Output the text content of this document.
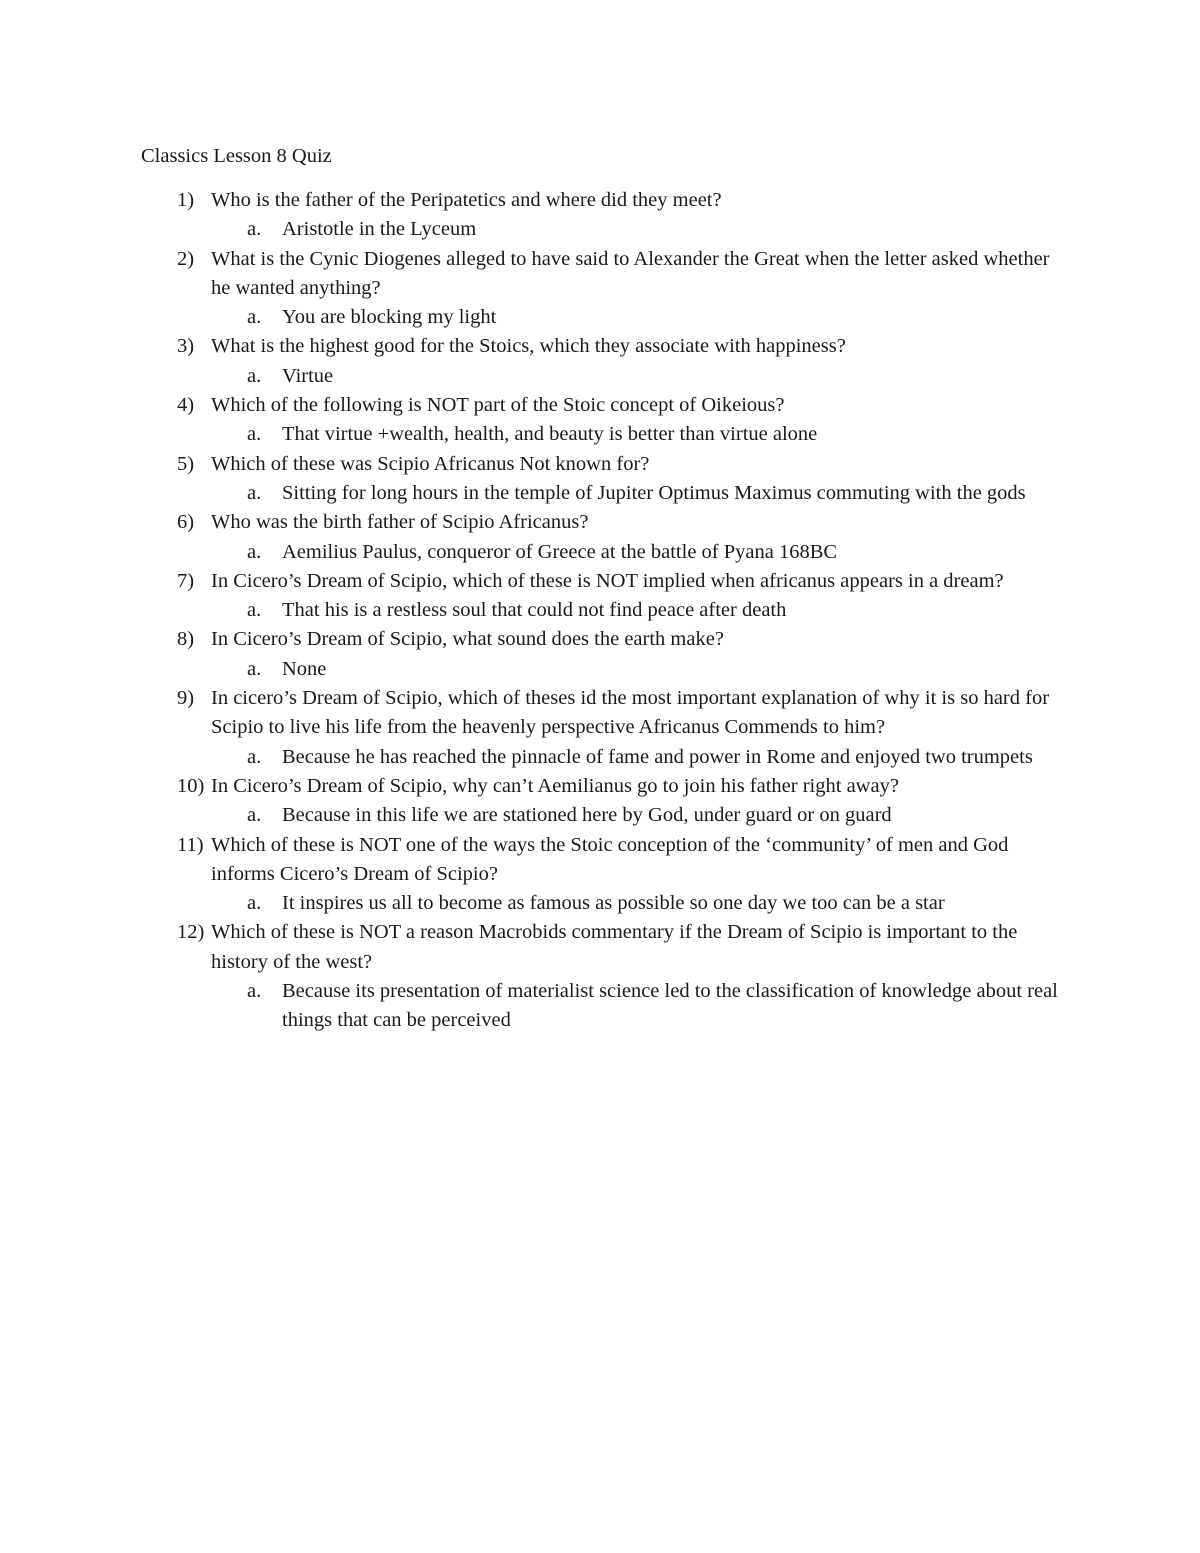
Classics Lesson 8 Quiz
1) Who is the father of the Peripatetics and where did they meet?
a. Aristotle in the Lyceum
2) What is the Cynic Diogenes alleged to have said to Alexander the Great when the letter asked whether he wanted anything?
a. You are blocking my light
3) What is the highest good for the Stoics, which they associate with happiness?
a. Virtue
4) Which of the following is NOT part of the Stoic concept of Oikeious?
a. That virtue +wealth, health, and beauty is better than virtue alone
5) Which of these was Scipio Africanus Not known for?
a. Sitting for long hours in the temple of Jupiter Optimus Maximus commuting with the gods
6) Who was the birth father of Scipio Africanus?
a. Aemilius Paulus, conqueror of Greece at the battle of Pyana 168BC
7) In Cicero’s Dream of Scipio, which of these is NOT implied when africanus appears in a dream?
a. That his is a restless soul that could not find peace after death
8) In Cicero’s Dream of Scipio, what sound does the earth make?
a. None
9) In cicero’s Dream of Scipio, which of theses id the most important explanation of why it is so hard for Scipio to live his life from the heavenly perspective Africanus Commends to him?
a. Because he has reached the pinnacle of fame and power in Rome and enjoyed two trumpets
10) In Cicero’s Dream of Scipio, why can’t Aemilianus go to join his father right away?
a. Because in this life we are stationed here by God, under guard or on guard
11) Which of these is NOT one of the ways the Stoic conception of the ‘community’ of men and God informs Cicero’s Dream of Scipio?
a. It inspires us all to become as famous as possible so one day we too can be a star
12) Which of these is NOT a reason Macrobids commentary if the Dream of Scipio is important to the history of the west?
a. Because its presentation of materialist science led to the classification of knowledge about real things that can be perceived
